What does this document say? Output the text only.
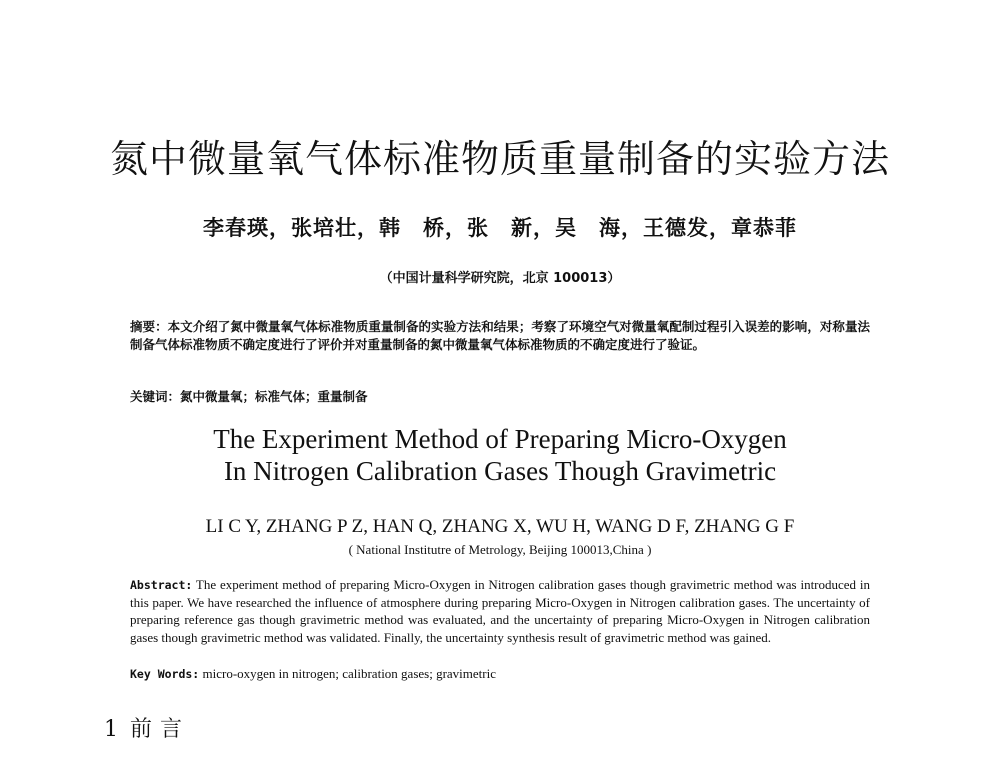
氮中微量氧气体标准物质重量制备的实验方法
李春瑛，张培壮，韩　桥，张　新，吴　海，王德发，章恭菲
（中国计量科学研究院，北京 100013）
摘要：本文介绍了氮中微量氧气体标准物质重量制备的实验方法和结果；考察了环境空气对微量氧配制过程引入误差的影响，对称量法制备气体标准物质不确定度进行了评价并对重量制备的氮中微量氧气体标准物质的不确定度进行了验证。
关键词：氮中微量氧；标准气体；重量制备
The Experiment Method of Preparing Micro-Oxygen
In Nitrogen Calibration Gases Though Gravimetric
LI C Y, ZHANG P Z, HAN Q, ZHANG X, WU H, WANG D F, ZHANG G F
( National Institutre of Metrology, Beijing 100013,China )
Abstract: The experiment method of preparing Micro-Oxygen in Nitrogen calibration gases though gravimetric method was introduced in this paper. We have researched the influence of atmosphere during preparing Micro-Oxygen in Nitrogen calibration gases. The uncertainty of preparing reference gas though gravimetric method was evaluated, and the uncertainty of preparing Micro-Oxygen in Nitrogen calibration gases though gravimetric method was validated. Finally, the uncertainty synthesis result of gravimetric method was gained.
Key Words: micro-oxygen in nitrogen; calibration gases; gravimetric
1 前言
